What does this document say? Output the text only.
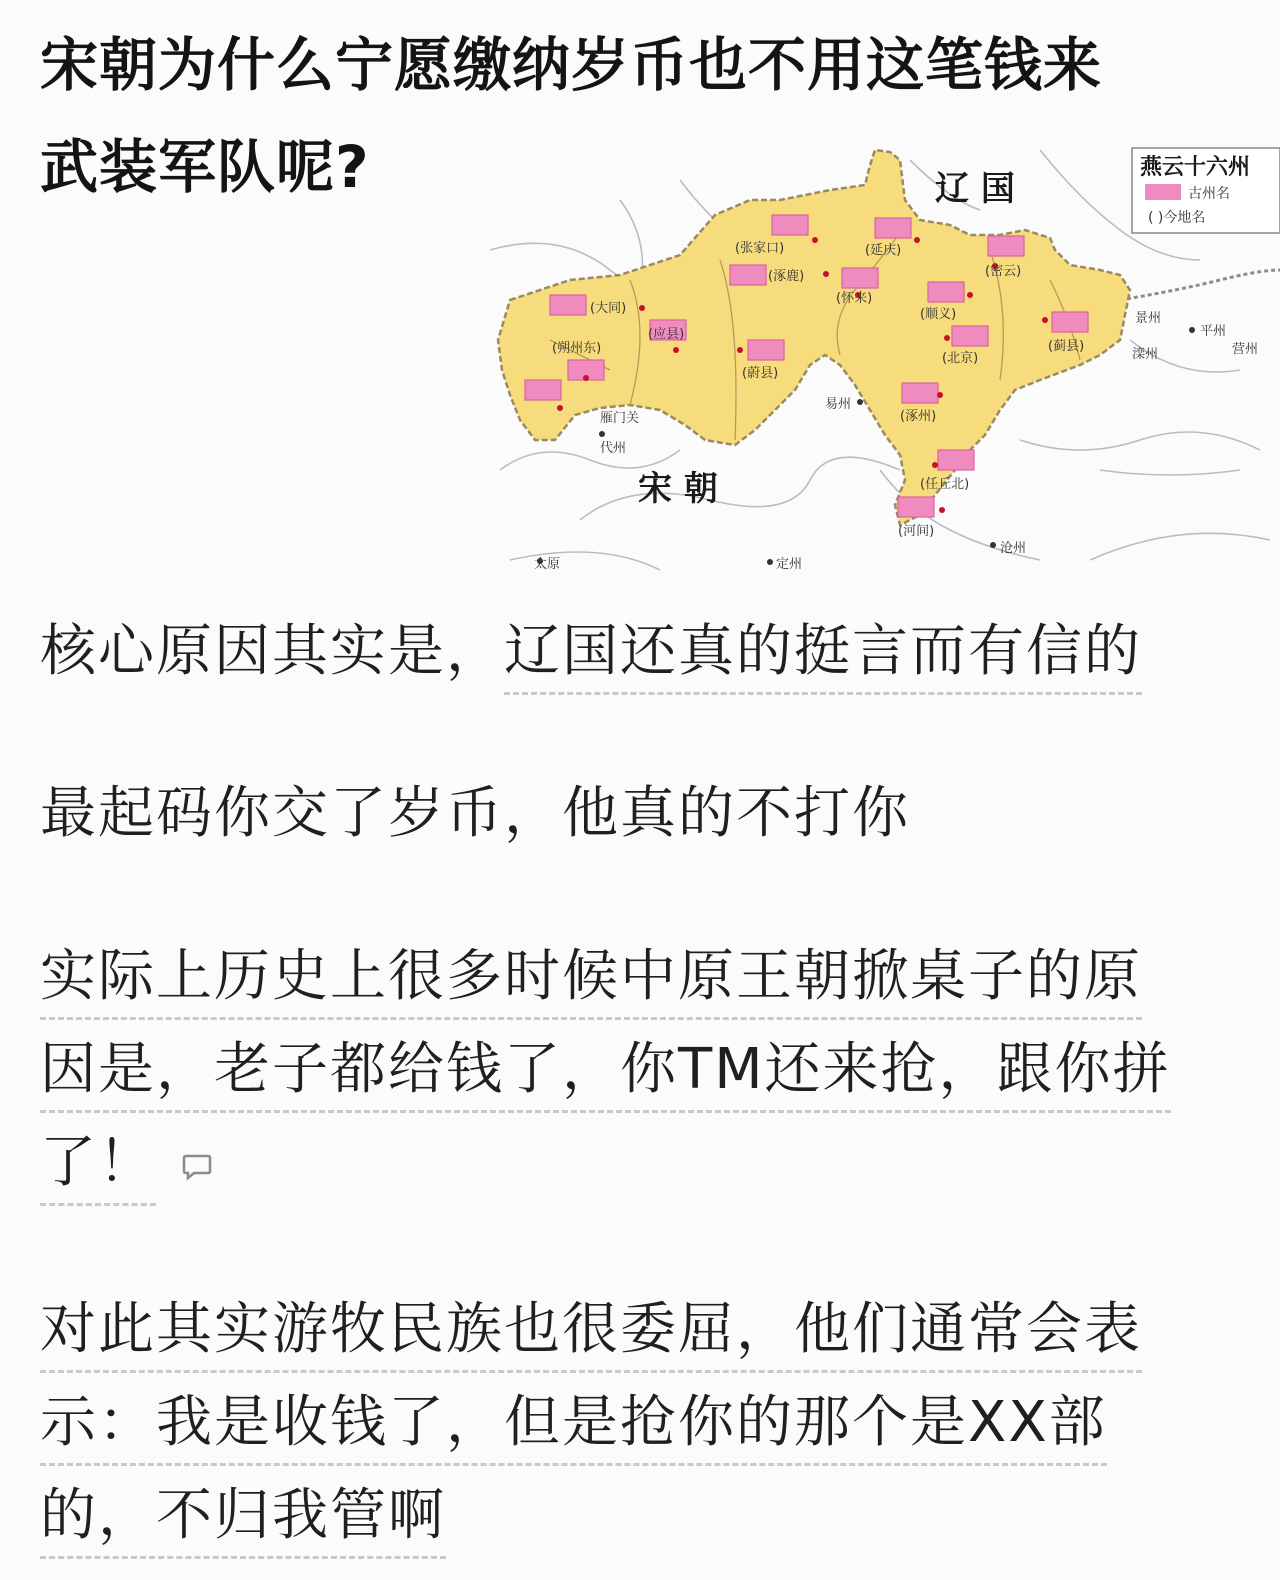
宋朝为什么宁愿缴纳岁币也不用这笔钱来
武装军队呢?
(大同)
(朔州东)
(应县)
(张家口)
(涿鹿)
(延庆)
(怀来)
(蔚县)
(顺义)
(北京)
(密云)
(蓟县)
(涿州)
(任丘北)
(河间)
雁门关
代州
太原	定州
易州
沧州
景州
平州
滦州	营州
辽 国
宋 朝
燕云十六州
古州名
( )今地名
核心原因其实是，辽国还真的挺言而有信的
最起码你交了岁币，他真的不打你
实际上历史上很多时候中原王朝掀桌子的原
因是，老子都给钱了，你TM还来抢，跟你拼
了！
对此其实游牧民族也很委屈，他们通常会表
示：我是收钱了，但是抢你的那个是XX部
的，不归我管啊
